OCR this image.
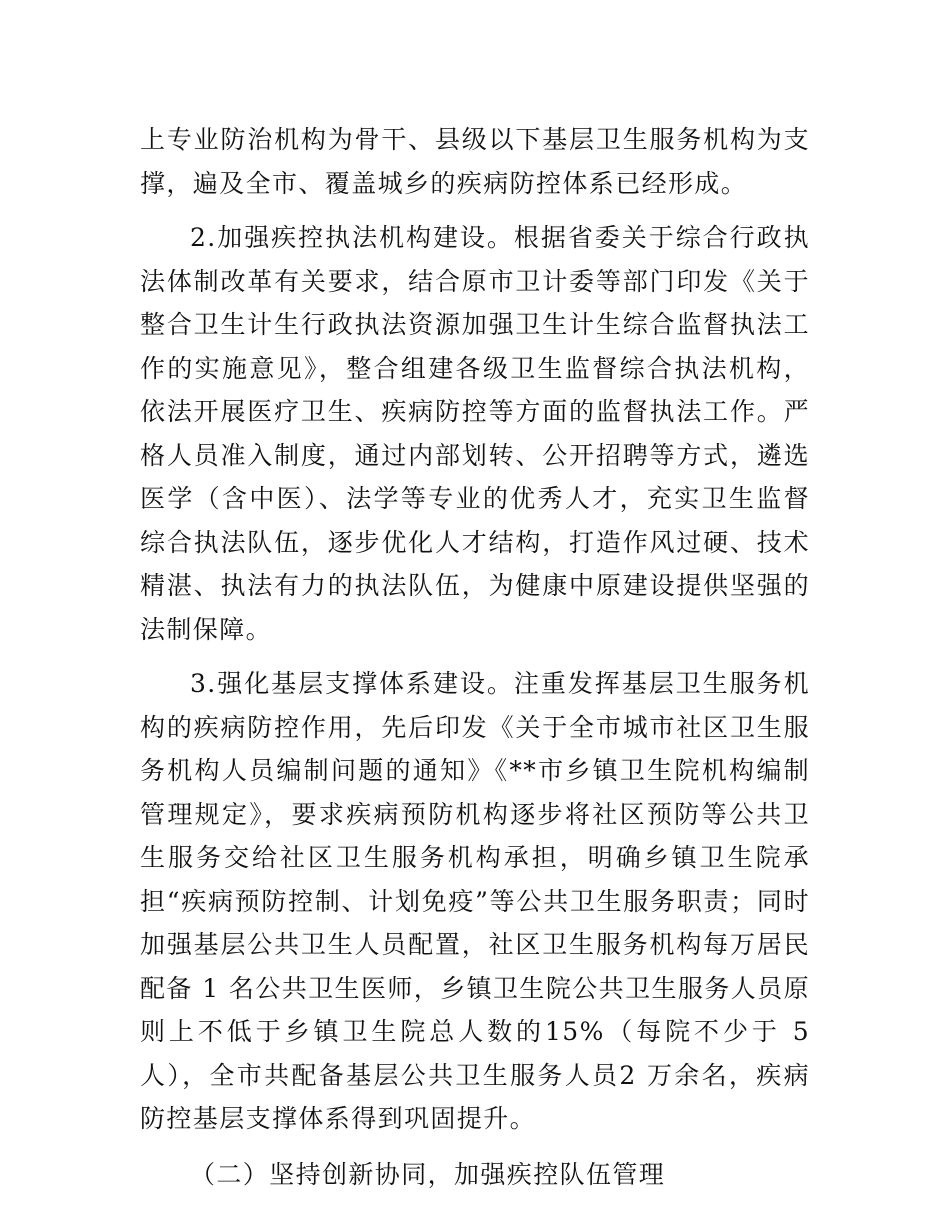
上专业防治机构为骨干、县级以下基层卫生服务机构为支撑，遍及全市、覆盖城乡的疾病防控体系已经形成。

2.加强疾控执法机构建设。根据省委关于综合行政执法体制改革有关要求，结合原市卫计委等部门印发《关于整合卫生计生行政执法资源加强卫生计生综合监督执法工作的实施意见》，整合组建各级卫生监督综合执法机构，依法开展医疗卫生、疾病防控等方面的监督执法工作。严格人员准入制度，通过内部划转、公开招聘等方式，遴选医学（含中医）、法学等专业的优秀人才，充实卫生监督综合执法队伍，逐步优化人才结构，打造作风过硬、技术精湛、执法有力的执法队伍，为健康中原建设提供坚强的法制保障。

3.强化基层支撑体系建设。注重发挥基层卫生服务机构的疾病防控作用，先后印发《关于全市城市社区卫生服务机构人员编制问题的通知》《**市乡镇卫生院机构编制管理规定》，要求疾病预防机构逐步将社区预防等公共卫生服务交给社区卫生服务机构承担，明确乡镇卫生院承担“疾病预防控制、计划免疫”等公共卫生服务职责；同时加强基层公共卫生人员配置，社区卫生服务机构每万居民配备 1 名公共卫生医师，乡镇卫生院公共卫生服务人员原则上不低于乡镇卫生院总人数的15%（每院不少于 5 人），全市共配备基层公共卫生服务人员2 万余名，疾病防控基层支撑体系得到巩固提升。

（二）坚持创新协同，加强疾控队伍管理
